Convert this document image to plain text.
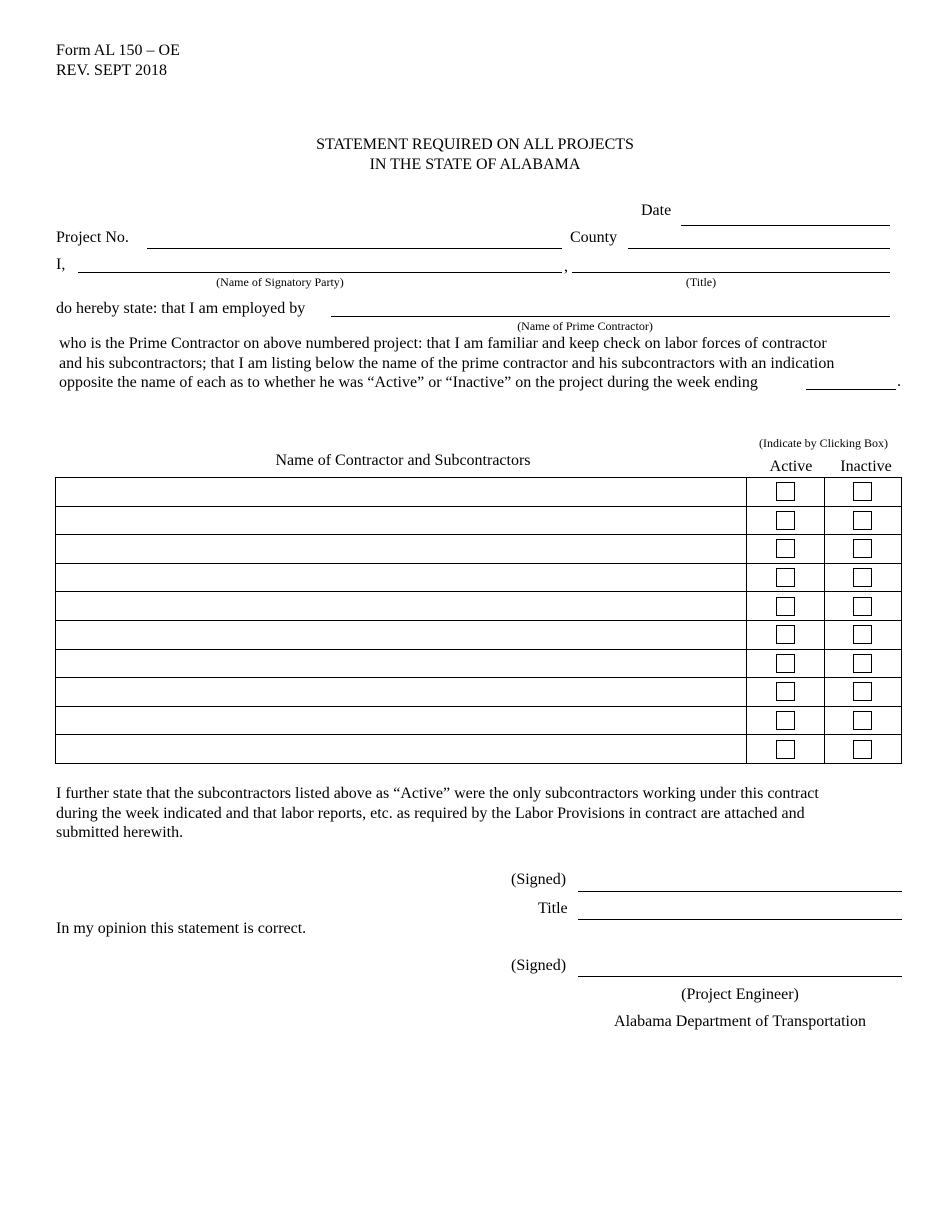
Form AL 150 – OE
REV. SEPT 2018
STATEMENT REQUIRED ON ALL PROJECTS
IN THE STATE OF ALABAMA
Date
Project No.	County
I,	,
(Name of Signatory Party)	(Title)
do hereby state: that I am employed by
(Name of Prime Contractor)
who is the Prime Contractor on above numbered project: that I am familiar and keep check on labor forces of contractor
and his subcontractors; that I am listing below the name of the prime contractor and his subcontractors with an indication
opposite the name of each as to whether he was “Active” or “Inactive” on the project during the week ending	.
(Indicate by Clicking Box)
Name of Contractor and Subcontractors	Active	Inactive

I further state that the subcontractors listed above as “Active” were the only subcontractors working under this contract
during the week indicated and that labor reports, etc. as required by the Labor Provisions in contract are attached and
submitted herewith.
(Signed)
Title
In my opinion this statement is correct.
(Signed)
(Project Engineer)
Alabama Department of Transportation
